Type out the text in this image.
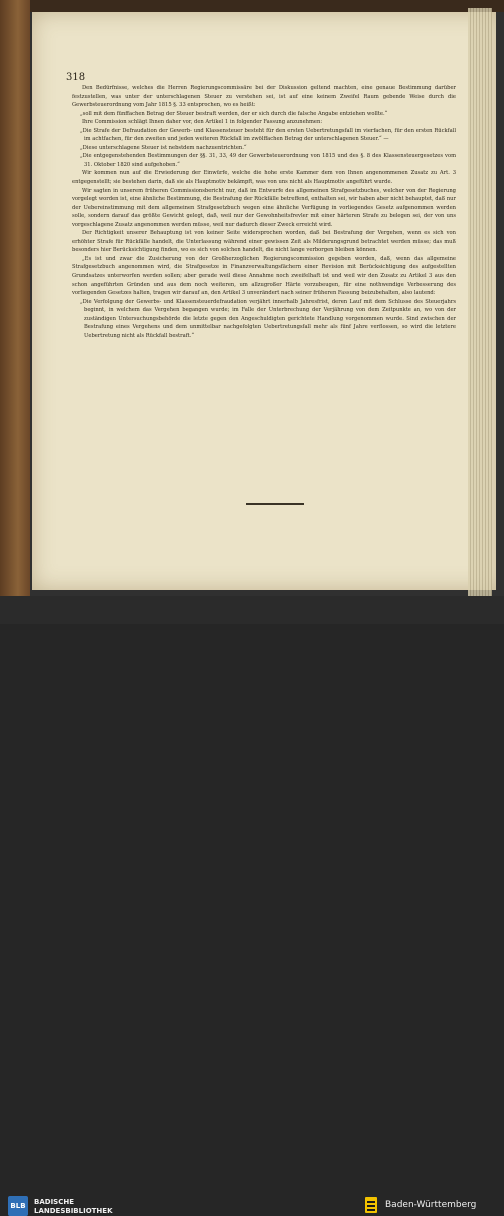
318

Den Bedürfnisse, welches die Herren Regierungscommissäre bei der Diskussion geltend machten, eine genaue Bestimmung darüber festzustellen, was unter der unterschlagenen Steuer zu verstehen sei, ist auf eine keinem Zweifel Raum gebende Weise durch die Gewerbsteuerordnung vom Jahr 1815 §. 33 entsprochen, wo es heißt:

„soll mit dem fünffachen Betrag der Steuer bestraft werden, der er sich durch die falsche Angabe entziehen wollte.“

Ihre Commission schlägt Ihnen daher vor, den Artikel 1 in folgender Fassung anzunehmen:

„Die Strafe der Defraudation der Gewerb- und Klassensteuer besteht für den ersten Uebertretungsfall im vierfachen, für den ersten Rückfall im achtfachen, für den zweiten und jeden weiteren Rückfall im zwölffachen Betrag der unterschlagenen Steuer.“ —

„Diese unterschlagene Steuer ist nebstdem nachzuentrichten.“

„Die entgegenstehenden Bestimmungen der §§. 31, 33, 49 der Gewerbsteuerordnung von 1815 und des §. 8 des Klassensteuergesetzes vom 31. Oktober 1820 sind aufgehoben.“

Wir kommen nun auf die Erwiederung der Einwürfe, welche die hohe erste Kammer dem von Ihnen angenommenen Zusatz zu Art. 3 entgegenstellt; sie bestehen darin, daß sie als Hauptmotiv bekämpft, was von uns nicht als Hauptmotiv angeführt wurde.

Wir sagten in unserem früheren Commissionsbericht nur, daß im Entwurfe des allgemeinen Strafgesetzbuches, welcher von der Regierung vorgelegt worden ist, eine ähnliche Bestimmung, die Bestrafung der Rückfälle betreffend, enthalten sei, wir haben aber nicht behauptet, daß nur der Uebereinstimmung mit dem allgemeinen Strafgesetzbuch wegen eine ähnliche Verfügung in vorliegendes Gesetz aufgenommen werden solle, sondern darauf das größte Gewicht gelegt, daß, weil nur der Gewohnheitsfrevler mit einer härteren Strafe zu belegen sei, der von uns vorgeschlagene Zusatz angenommen werden müsse, weil nur dadurch dieser Zweck erreicht wird.

Der Richtigkeit unserer Behauptung ist von keiner Seite widersprochen worden, daß bei Bestrafung der Vergehen, wenn es sich von erhöhter Strafe für Rückfälle handelt, die Unterlassung während einer gewissen Zeit als Milderungsgrund betrachtet werden müsse; das muß besonders hier Berücksichtigung finden, wo es sich von solchen handelt, die nicht lange verborgen bleiben können.

„Es ist und zwar die Zusicherung von der Großherzoglichen Regierungscommission gegeben worden, daß, wenn das allgemeine Strafgesetzbuch angenommen wird, die Strafgesetze in Finanzverwaltungsfächern einer Revision mit Berücksichtigung des aufgestellten Grundsatzes unterworfen werden sollen; aber gerade weil diese Annahme noch zweifelhaft ist und weil wir den Zusatz zu Artikel 3 aus den schon angeführten Gründen und aus dem noch weiteren, um allzugroßer Härte vorzubeugen, für eine nothwendige Verbesserung des vorliegenden Gesetzes halten, tragen wir darauf an, den Artikel 3 unverändert nach seiner früheren Fassung beizubehalten, also lautend:

„Die Verfolgung der Gewerbs- und Klassensteuerdefraudation verjährt innerhalb Jahresfrist, deren Lauf mit dem Schlusse des Steuerjahrs beginnt, in welchem das Vergehen begangen wurde; im Falle der Unterbrechung der Verjährung von dem Zeitpunkte an, wo von der zuständigen Untersuchungsbehörde die letzte gegen den Angeschuldigten gerichtete Handlung vorgenommen wurde. Sind zwischen der Bestrafung eines Vergehens und dem unmittelbar nachgefolgten Uebertretungsfall mehr als fünf Jahre verflossen, so wird die letztere Uebertretung nicht als Rückfall bestraft.“

BLB	BADISCHE
LANDESBIBLIOTHEK
Baden-Württemberg
